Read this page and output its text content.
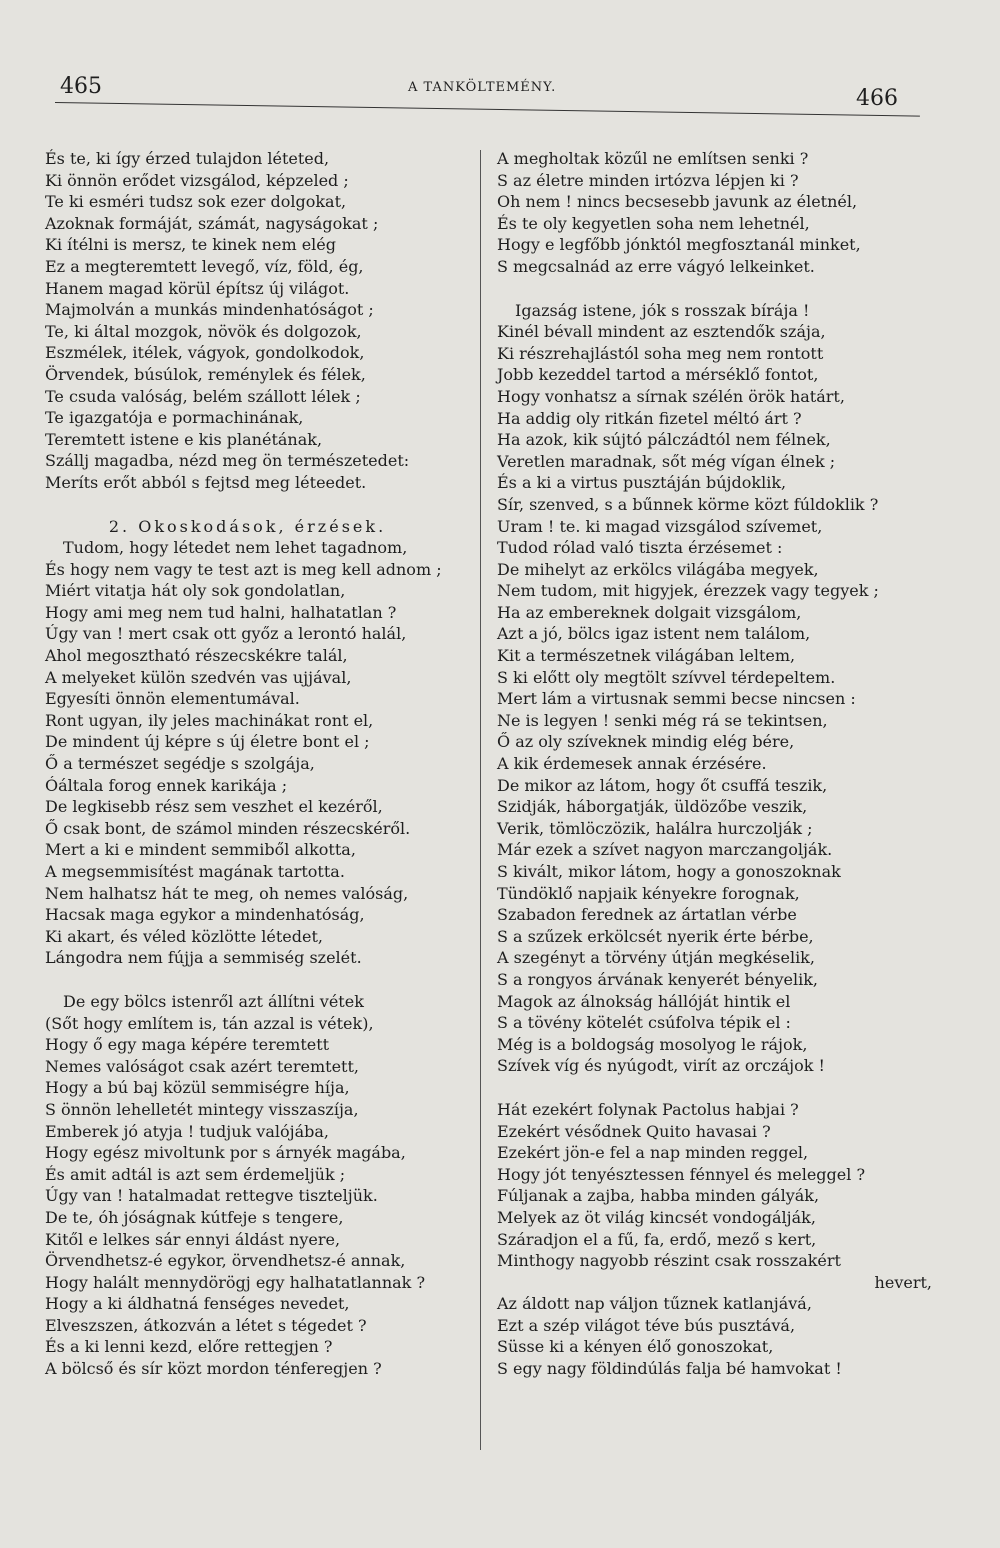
465	A TANKÖLTEMÉNY.	466
És te, ki így érzed tulajdon léteted,
Ki önnön erődet vizsgálod, képzeled ;
Te ki esméri tudsz sok ezer dolgokat,
Azoknak formáját, számát, nagyságokat ;
Ki ítélni is mersz, te kinek nem elég
Ez a megteremtett levegő, víz, föld, ég,
Hanem magad körül építsz új világot.
Majmolván a munkás mindenhatóságot ;
Te, ki által mozgok, növök és dolgozok,
Eszmélek, itélek, vágyok, gondolkodok,
Örvendek, búsúlok, reménylek és félek,
Te csuda valóság, belém szállott lélek ;
Te igazgatója e pormachinának,
Teremtett istene e kis planétának,
Szállj magadba, nézd meg ön természetedet:
Meríts erőt abból s fejtsd meg léteedet.
2. Okoskodások, érzések.
Tudom, hogy létedet nem lehet tagadnom,
És hogy nem vagy te test azt is meg kell adnom ;
Miért vitatja hát oly sok gondolatlan,
Hogy ami meg nem tud halni, halhatatlan ?
Úgy van ! mert csak ott győz a lerontó halál,
Ahol megosztható részecskékre talál,
A melyeket külön szedvén vas ujjával,
Egyesíti önnön elementumával.
Ront ugyan, ily jeles machinákat ront el,
De mindent új képre s új életre bont el ;
Ő a természet segédje s szolgája,
Óáltala forog ennek karikája ;
De legkisebb rész sem veszhet el kezéről,
Ő csak bont, de számol minden részecskéről.
Mert a ki e mindent semmiből alkotta,
A megsemmisítést magának tartotta.
Nem halhatsz hát te meg, oh nemes valóság,
Hacsak maga egykor a mindenhatóság,
Ki akart, és véled közlötte létedet,
Lángodra nem fújja a semmiség szelét.
De egy bölcs istenről azt állítni vétek
(Sőt hogy említem is, tán azzal is vétek),
Hogy ő egy maga képére teremtett
Nemes valóságot csak azért teremtett,
Hogy a bú baj közül semmiségre híja,
S önnön lehelletét mintegy visszaszíja,
Emberek jó atyja ! tudjuk valójába,
Hogy egész mivoltunk por s árnyék magába,
És amit adtál is azt sem érdemeljük ;
Úgy van ! hatalmadat rettegve tiszteljük.
De te, óh jóságnak kútfeje s tengere,
Kitől e lelkes sár ennyi áldást nyere,
Örvendhetsz-é egykor, örvendhetsz-é annak,
Hogy halált mennydörögj egy halhatatlannak ?
Hogy a ki áldhatná fenséges nevedet,
Elveszszen, átkozván a létet s tégedet ?
És a ki lenni kezd, előre rettegjen ?
A bölcső és sír közt mordon ténferegjen ?
A megholtak közűl ne említsen senki ?
S az életre minden irtózva lépjen ki ?
Oh nem ! nincs becsesebb javunk az életnél,
És te oly kegyetlen soha nem lehetnél,
Hogy e legfőbb jónktól megfosztanál minket,
S megcsalnád az erre vágyó lelkeinket.
Igazság istene, jók s rosszak bírája !
Kinél bévall mindent az esztendők szája,
Ki részrehajlástól soha meg nem rontott
Jobb kezeddel tartod a mérséklő fontot,
Hogy vonhatsz a sírnak szélén örök határt,
Ha addig oly ritkán fizetel méltó árt ?
Ha azok, kik sújtó pálczádtól nem félnek,
Veretlen maradnak, sőt még vígan élnek ;
És a ki a virtus pusztáján bújdoklik,
Sír, szenved, s a bűnnek körme közt fúldoklik ?
Uram ! te. ki magad vizsgálod szívemet,
Tudod rólad való tiszta érzésemet :
De mihelyt az erkölcs világába megyek,
Nem tudom, mit higyjek, érezzek vagy tegyek ;
Ha az embereknek dolgait vizsgálom,
Azt a jó, bölcs igaz istent nem találom,
Kit a természetnek világában leltem,
S ki előtt oly megtölt szívvel térdepeltem.
Mert lám a virtusnak semmi becse nincsen :
Ne is legyen ! senki még rá se tekintsen,
Ő az oly szíveknek mindig elég bére,
A kik érdemesek annak érzésére.
De mikor az látom, hogy őt csuffá teszik,
Szidják, háborgatják, üldözőbe veszik,
Verik, tömlöczözik, halálra hurczolják ;
Már ezek a szívet nagyon marczangolják.
S kivált, mikor látom, hogy a gonoszoknak
Tündöklő napjaik kényekre forognak,
Szabadon ferednek az ártatlan vérbe
S a szűzek erkölcsét nyerik érte bérbe,
A szegényt a törvény útján megkéselik,
S a rongyos árvának kenyerét bényelik,
Magok az álnokság hállóját hintik el
S a tövény kötelét csúfolva tépik el :
Még is a boldogság mosolyog le rájok,
Szívek víg és nyúgodt, virít az orczájok !
Hát ezekért folynak Pactolus habjai ?
Ezekért vésődnek Quito havasai ?
Ezekért jön-e fel a nap minden reggel,
Hogy jót tenyésztessen fénnyel és meleggel ?
Fúljanak a zajba, habba minden gályák,
Melyek az öt világ kincsét vondogálják,
Száradjon el a fű, fa, erdő, mező s kert,
Minthogy nagyobb részint csak rosszakért
hevert,
Az áldott nap váljon tűznek katlanjává,
Ezt a szép világot téve bús pusztává,
Süsse ki a kényen élő gonoszokat,
S egy nagy földindúlás falja bé hamvokat !
